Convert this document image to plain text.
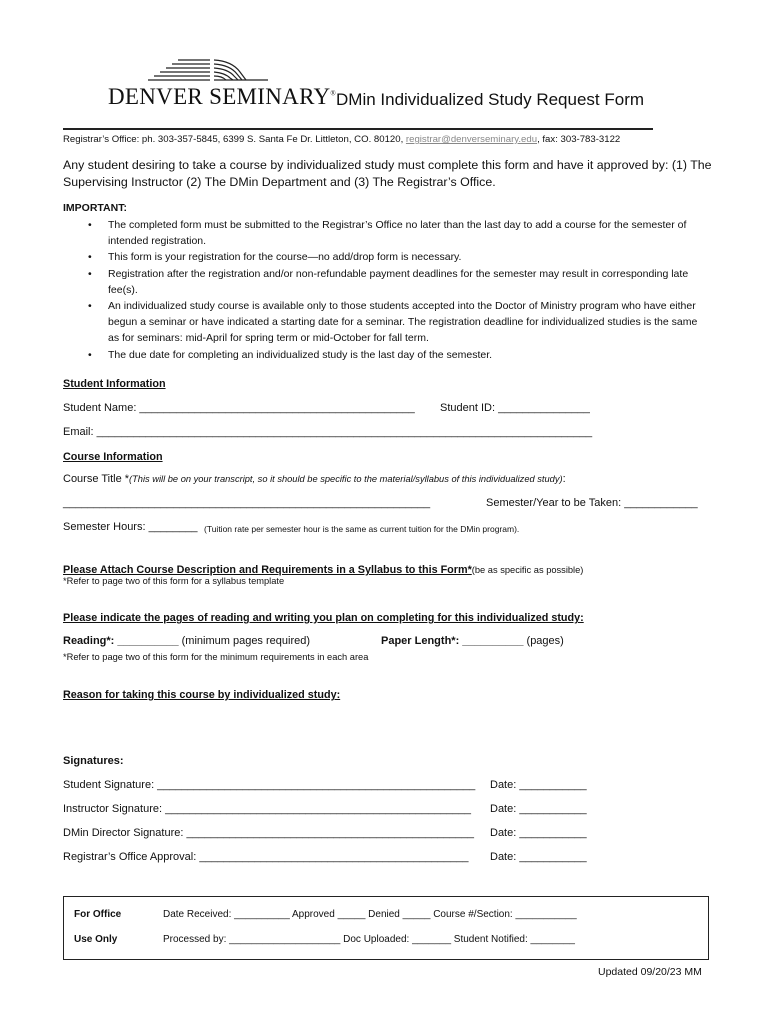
DENVER SEMINARY® DMin Individualized Study Request Form
Registrar’s Office: ph. 303-357-5845, 6399 S. Santa Fe Dr. Littleton, CO. 80120, registrar@denverseminary.edu, fax: 303-783-3122
Any student desiring to take a course by individualized study must complete this form and have it approved by: (1) The Supervising Instructor (2) The DMin Department and (3) The Registrar’s Office.
IMPORTANT:
• The completed form must be submitted to the Registrar’s Office no later than the last day to add a course for the semester of intended registration.
• This form is your registration for the course—no add/drop form is necessary.
• Registration after the registration and/or non-refundable payment deadlines for the semester may result in corresponding late fee(s).
• An individualized study course is available only to those students accepted into the Doctor of Ministry program who have either begun a seminar or have indicated a starting date for a seminar. The registration deadline for individualized studies is the same as for seminars: mid-April for spring term or mid-October for fall term.
• The due date for completing an individualized study is the last day of the semester.
Student Information
Student Name: _____________________________________________ Student ID: _______________
Email: _________________________________________________________________________________
Course Information
Course Title *(This will be on your transcript, so it should be specific to the material/syllabus of this individualized study):
____________________________________________________________	Semester/Year to be Taken: ____________
Semester Hours: ________ (Tuition rate per semester hour is the same as current tuition for the DMin program).
Please Attach Course Description and Requirements in a Syllabus to this Form*(be as specific as possible)
*Refer to page two of this form for a syllabus template
Please indicate the pages of reading and writing you plan on completing for this individualized study:
Reading*: __________ (minimum pages required)	Paper Length*: __________ (pages)
*Refer to page two of this form for the minimum requirements in each area
Reason for taking this course by individualized study:
Signatures:
Student Signature: ____________________________________________________ Date: ___________
Instructor Signature: __________________________________________________ Date: ___________
DMin Director Signature: _______________________________________________ Date: ___________
Registrar’s Office Approval: ____________________________________________ Date: ___________
For Office	Date Received: __________ Approved _____ Denied _____ Course #/Section: ___________
Use Only	Processed by: ____________________ Doc Uploaded: _______ Student Notified: ________
Updated 09/20/23 MM
